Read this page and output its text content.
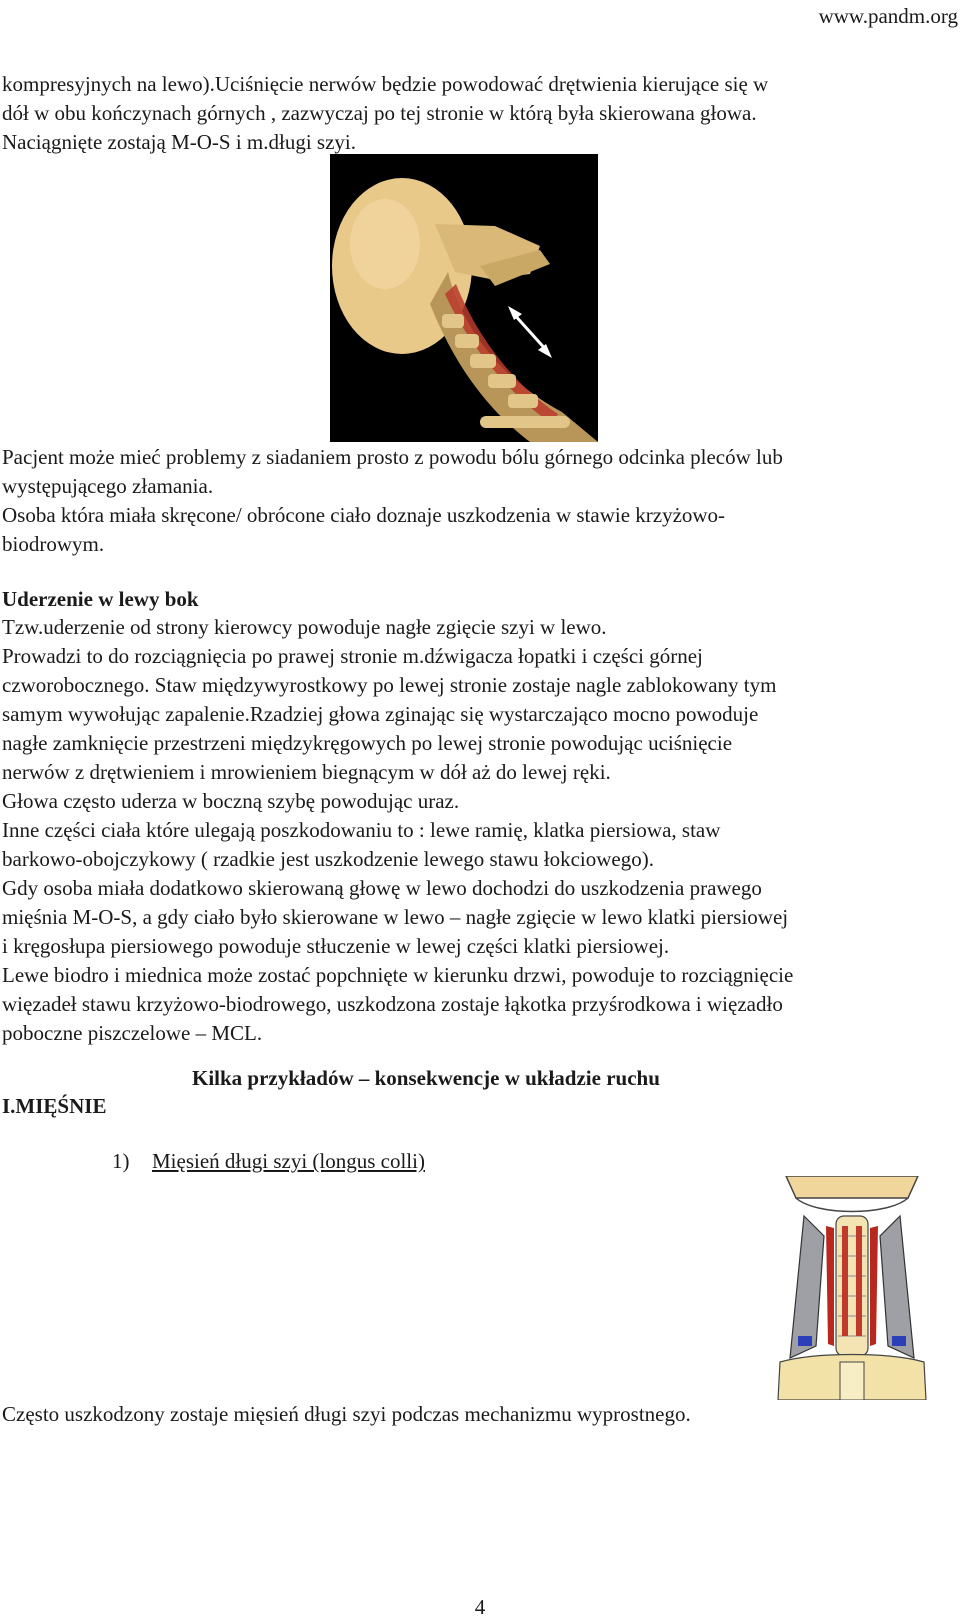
www.pandm.org
kompresyjnych na lewo).Uciśnięcie nerwów będzie powodować drętwienia kierujące się w
dół w obu kończynach górnych , zazwyczaj po tej stronie w którą była skierowana głowa.
Naciągnięte zostają M-O-S i m.długi szyi.
Pacjent może mieć problemy z siadaniem prosto z powodu bólu górnego odcinka pleców lub
występującego złamania.
Osoba która miała skręcone/ obrócone ciało doznaje uszkodzenia w stawie krzyżowo-
biodrowym.
Uderzenie w lewy bok
Tzw.uderzenie od strony kierowcy powoduje nagłe zgięcie szyi w lewo.
Prowadzi to do rozciągnięcia po prawej stronie m.dźwigacza łopatki i części górnej
czworobocznego. Staw międzywyrostkowy po lewej stronie zostaje nagle zablokowany tym
samym wywołując zapalenie.Rzadziej głowa zginając się wystarczająco mocno powoduje
nagłe zamknięcie przestrzeni międzykręgowych po lewej stronie powodując uciśnięcie
nerwów z drętwieniem i mrowieniem biegnącym w dół aż do lewej ręki.
Głowa często uderza w boczną szybę powodując uraz.
Inne części ciała które ulegają poszkodowaniu to : lewe ramię, klatka piersiowa, staw
barkowo-obojczykowy ( rzadkie jest uszkodzenie lewego stawu łokciowego).
Gdy osoba miała dodatkowo skierowaną głowę w lewo dochodzi do uszkodzenia prawego
mięśnia M-O-S, a gdy ciało było skierowane w lewo – nagłe zgięcie w lewo klatki piersiowej
i kręgosłupa piersiowego powoduje stłuczenie w lewej części klatki piersiowej.
Lewe biodro i miednica może zostać popchnięte w kierunku drzwi, powoduje to rozciągnięcie
więzadeł stawu krzyżowo-biodrowego, uszkodzona zostaje łąkotka przyśrodkowa i więzadło
poboczne piszczelowe – MCL.
Kilka przykładów – konsekwencje w układzie ruchu
I.MIĘŚNIE
1) Mięsień długi szyi (longus colli)
Często uszkodzony zostaje mięsień długi szyi podczas mechanizmu wyprostnego.
4
